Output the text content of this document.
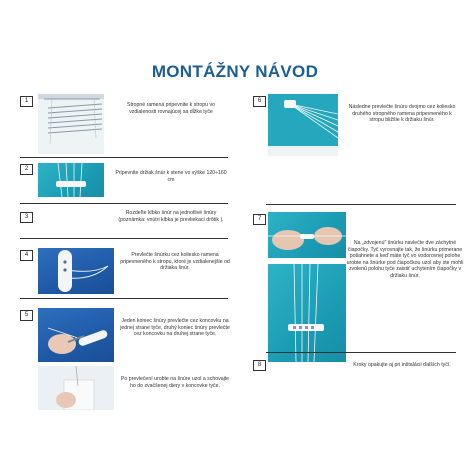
MONTÁŽNY NÁVOD
1
Stropné ramená pripevnite k stropu vo vzdialenosti rovnajúcej sa dĺžke tyče
2
Pripevnite držiak šnúr k stene vo výške 120÷160 cm
3
Rozdeľte klbko šnúr na jednotlivé šnúry (poznámka: vnútri klbka je prevliekací drôtik ).
4	Prevlečte šnúrku cez koliesko ramena pripevneného k stropu, ktoré je vzdialenejšie od držiaka šnúr.
5
Jeden koniec šnúry prevlečte cez koncovku na jednej strane tyče, druhý koniec šnúry prevlečte cez koncovku na druhej strane tyče.
Po prevlečení urobte na šnúre uzol a schovajte ho do zvačšenej diery v koncovke tyče.
6
Následne prevlečte šnúru dvojmo cez koliesko druhého stropného ramena pripevneného k stropu bližšie k držiaku šnúr.
7
Na „zdvojenú" šnúrku navlečte dve záchytné čiapočky. Tyč vyrovnajte tak, že šnúrku primerane potiahnete a keď máte tyč vo vodorovnej polohe urobte na šnúrke pod čiapočkou uzol aby ste mohli zvolenú polohu tyče zaistiť uchytením čiapočky v držiaku šnúr.
8	Kroky opakujte aj pri inštalácii ďalších tyčí.
